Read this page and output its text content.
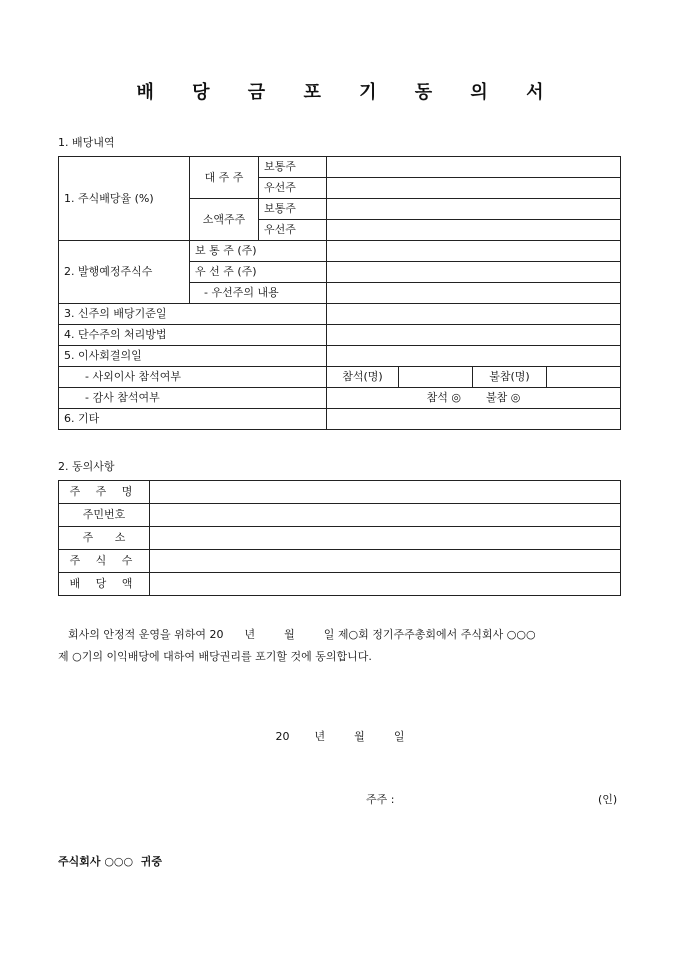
배 당 금 포 기 동 의 서
1. 배당내역
1. 주식배당율 (%)	대 주 주	보통주				
		우선주				
	소액주주	보통주				
		우선주				
2. 발행예정주식수	보 통 주 (주)					
	우 선 주 (주)					
	- 우선주의 내용					
3. 신주의 배당기준일						
4. 단수주의 처리방법						
5. 이사회결의일						
- 사외이사 참석여부			참석(명)		불참(명)	
- 감사 참석여부			참석 ◎ 불참 ◎			
6. 기타						
2. 동의사항
주 주 명	
주민번호	
주 소	
주 식 수	
배 당 액	

회사의 안정적 운영을 위하여 20 년	월	일 제○회 정기주주총회에서 주식회사 ○○○

제 ○기의 이익배당에 대하여 배당권리를 포기할 것에 동의합니다.

20 년	월	일
주주 :	(인)
주식회사 ○○○  귀중
